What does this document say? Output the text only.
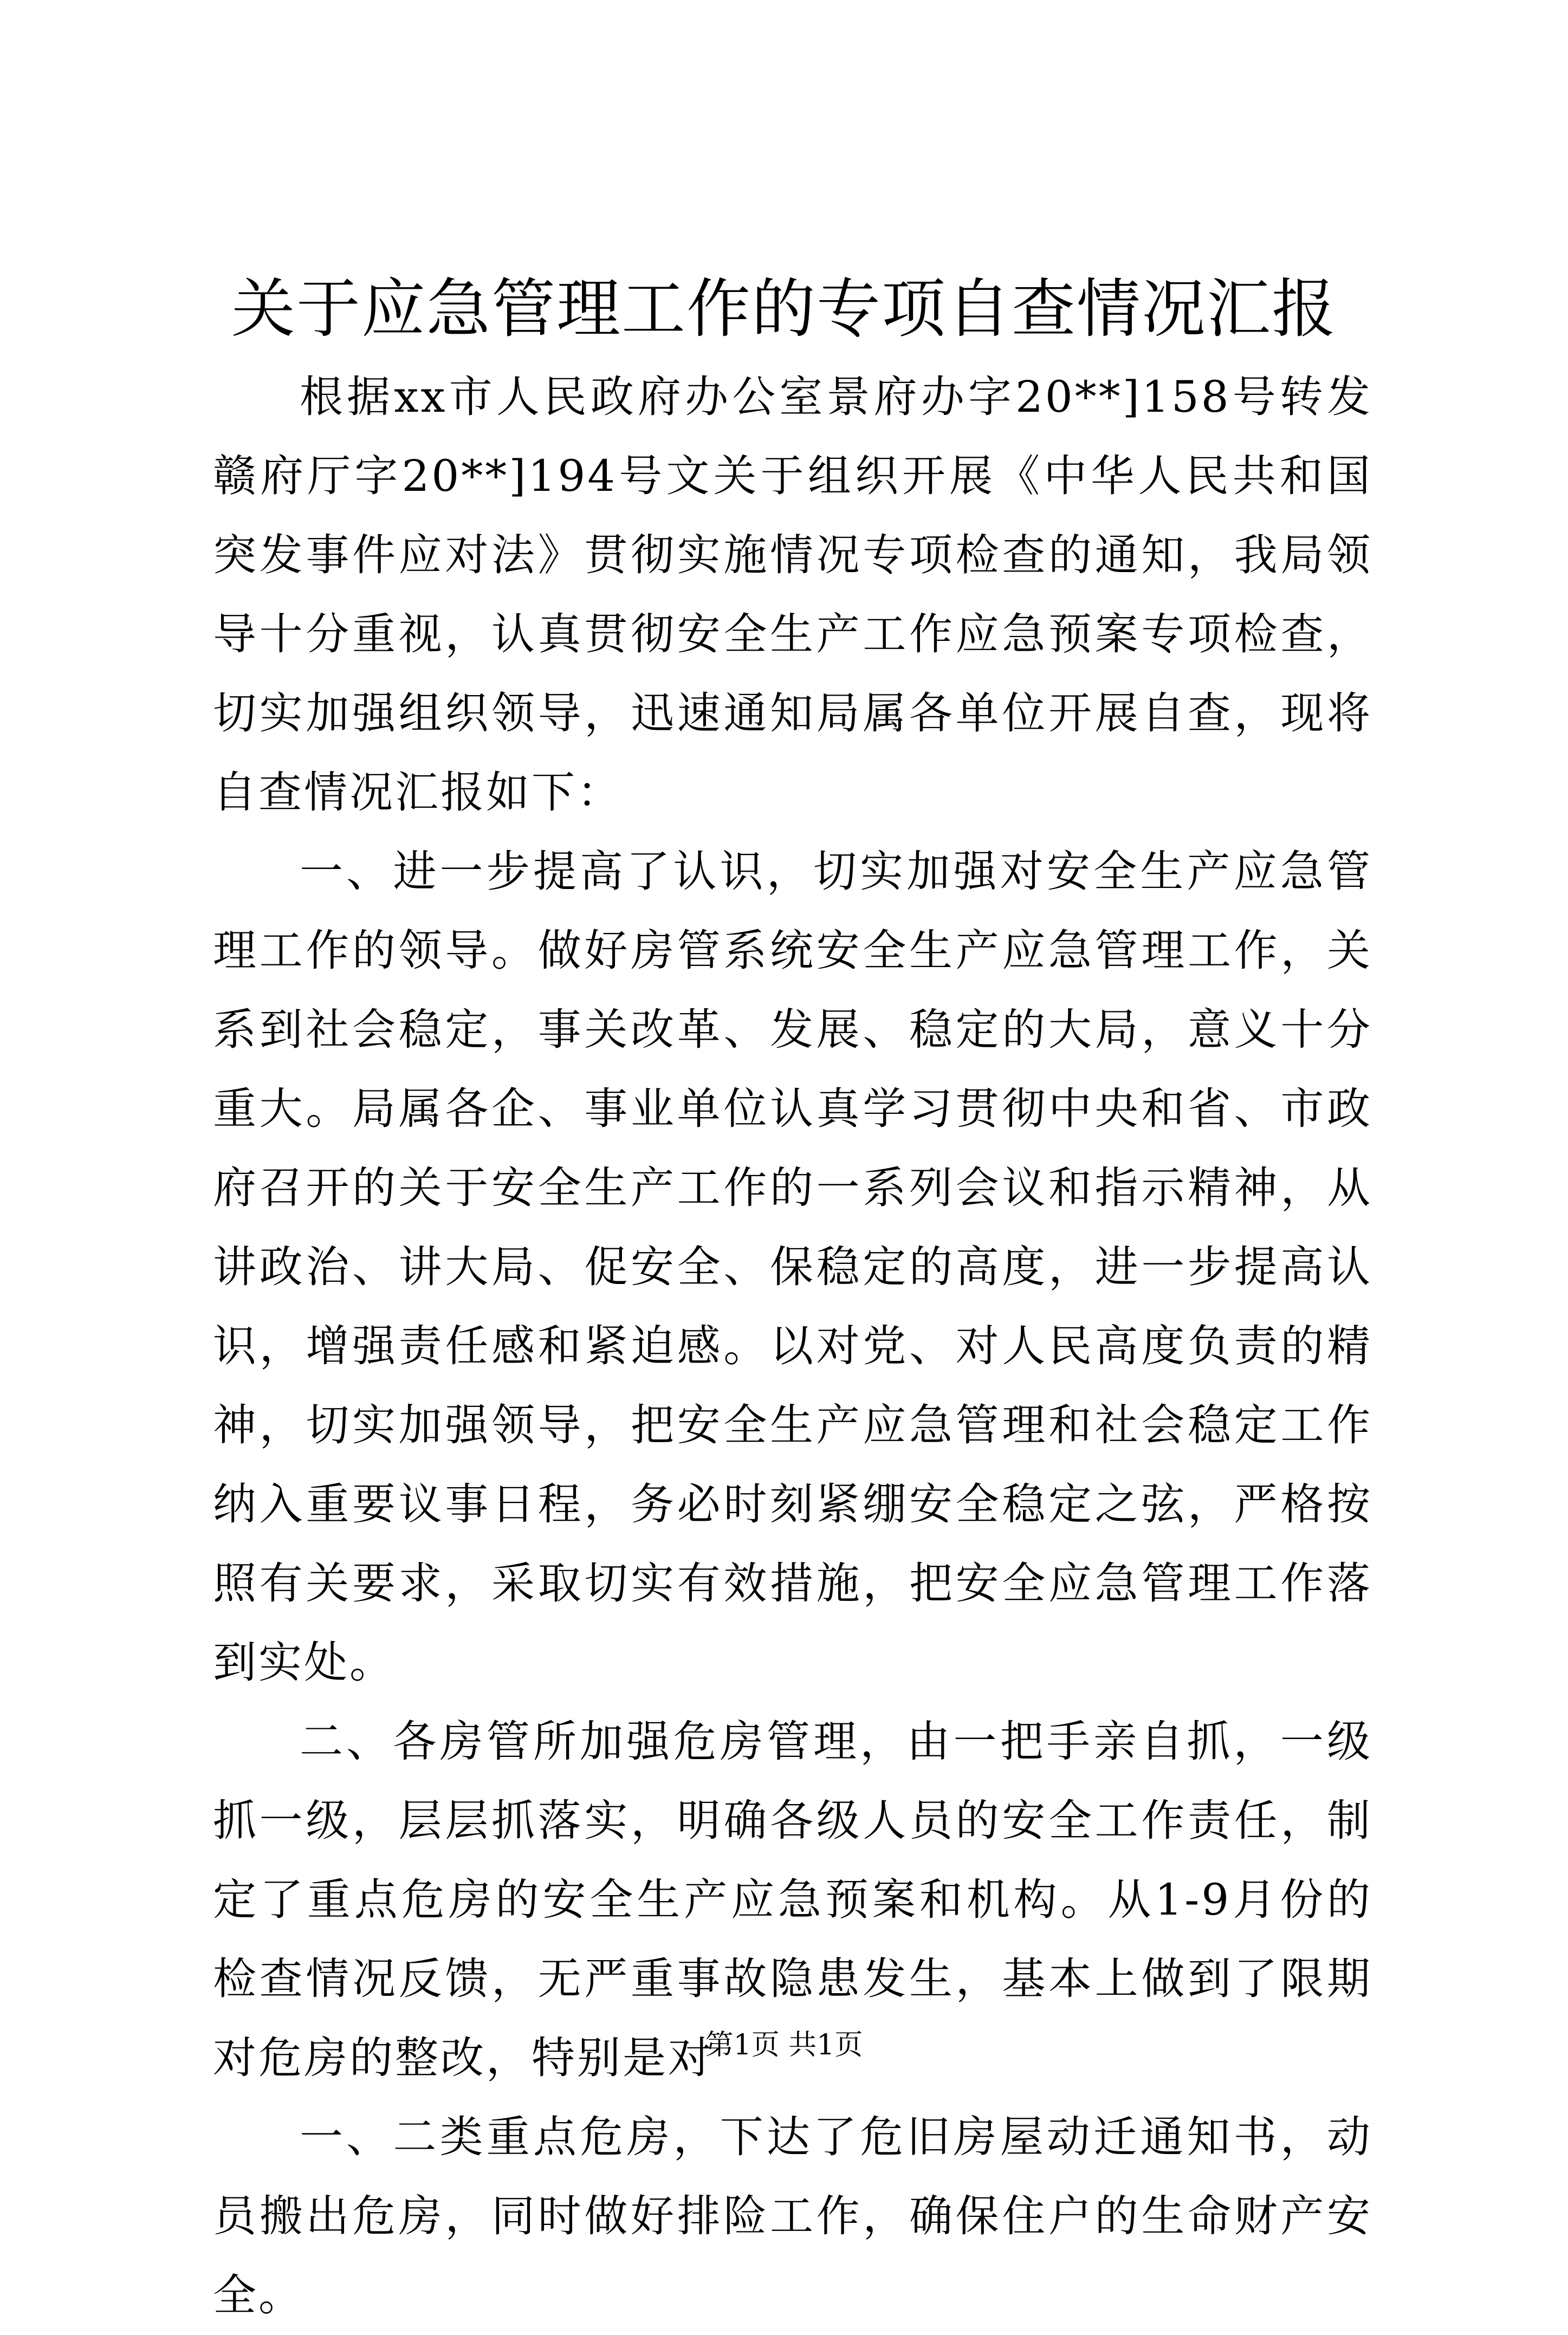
关于应急管理工作的专项自查情况汇报

根据xx市人民政府办公室景府办字20**]158号转发赣府厅字20**]194号文关于组织开展《中华人民共和国突发事件应对法》贯彻实施情况专项检查的通知，我局领导十分重视，认真贯彻安全生产工作应急预案专项检查，切实加强组织领导，迅速通知局属各单位开展自查，现将自查情况汇报如下：

一、进一步提高了认识，切实加强对安全生产应急管理工作的领导。做好房管系统安全生产应急管理工作，关系到社会稳定，事关改革、发展、稳定的大局，意义十分重大。局属各企、事业单位认真学习贯彻中央和省、市政府召开的关于安全生产工作的一系列会议和指示精神，从讲政治、讲大局、促安全、保稳定的高度，进一步提高认识，增强责任感和紧迫感。以对党、对人民高度负责的精神，切实加强领导，把安全生产应急管理和社会稳定工作纳入重要议事日程，务必时刻紧绷安全稳定之弦，严格按照有关要求，采取切实有效措施，把安全应急管理工作落到实处。

二、各房管所加强危房管理，由一把手亲自抓，一级抓一级，层层抓落实，明确各级人员的安全工作责任，制定了重点危房的安全生产应急预案和机构。从1-9月份的检查情况反馈，无严重事故隐患发生，基本上做到了限期对危房的整改，特别是对

一、二类重点危房，下达了危旧房屋动迁通知书，动员搬出危房，同时做好排险工作，确保住户的生命财产安全。

第1页 共1页
